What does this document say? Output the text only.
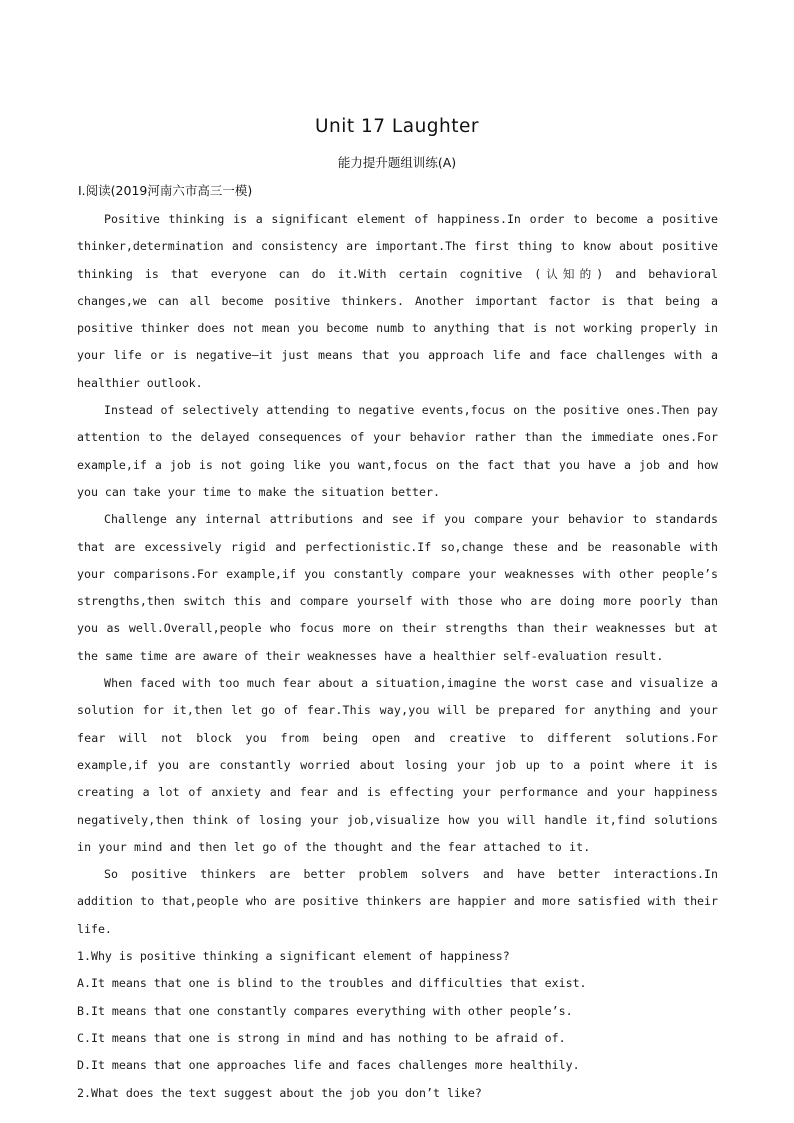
Unit 17 Laughter
能力提升题组训练(A)
Ⅰ.阅读(2019河南六市高三一模)

Positive thinking is a significant element of happiness.In order to become a positive thinker,determination and consistency are important.The first thing to know about positive thinking is that everyone can do it.With certain cognitive (认知的) and behavioral changes,we can all become positive thinkers. Another important factor is that being a positive thinker does not mean you become numb to anything that is not working properly in your life or is negative—it just means that you approach life and face challenges with a healthier outlook.

Instead of selectively attending to negative events,focus on the positive ones.Then pay attention to the delayed consequences of your behavior rather than the immediate ones.For example,if a job is not going like you want,focus on the fact that you have a job and how you can take your time to make the situation better.

Challenge any internal attributions and see if you compare your behavior to standards that are excessively rigid and perfectionistic.If so,change these and be reasonable with your comparisons.For example,if you constantly compare your weaknesses with other people’s strengths,then switch this and compare yourself with those who are doing more poorly than you as well.Overall,people who focus more on their strengths than their weaknesses but at the same time are aware of their weaknesses have a healthier self-evaluation result.

When faced with too much fear about a situation,imagine the worst case and visualize a solution for it,then let go of fear.This way,you will be prepared for anything and your fear will not block you from being open and creative to different solutions.For example,if you are constantly worried about losing your job up to a point where it is creating a lot of anxiety and fear and is effecting your performance and your happiness negatively,then think of losing your job,visualize how you will handle it,find solutions in your mind and then let go of the thought and the fear attached to it.

So positive thinkers are better problem solvers and have better interactions.In addition to that,people who are positive thinkers are happier and more satisfied with their life.

1.Why is positive thinking a significant element of happiness?

A.It means that one is blind to the troubles and difficulties that exist.

B.It means that one constantly compares everything with other people’s.

C.It means that one is strong in mind and has nothing to be afraid of.

D.It means that one approaches life and faces challenges more healthily.

2.What does the text suggest about the job you don’t like?
